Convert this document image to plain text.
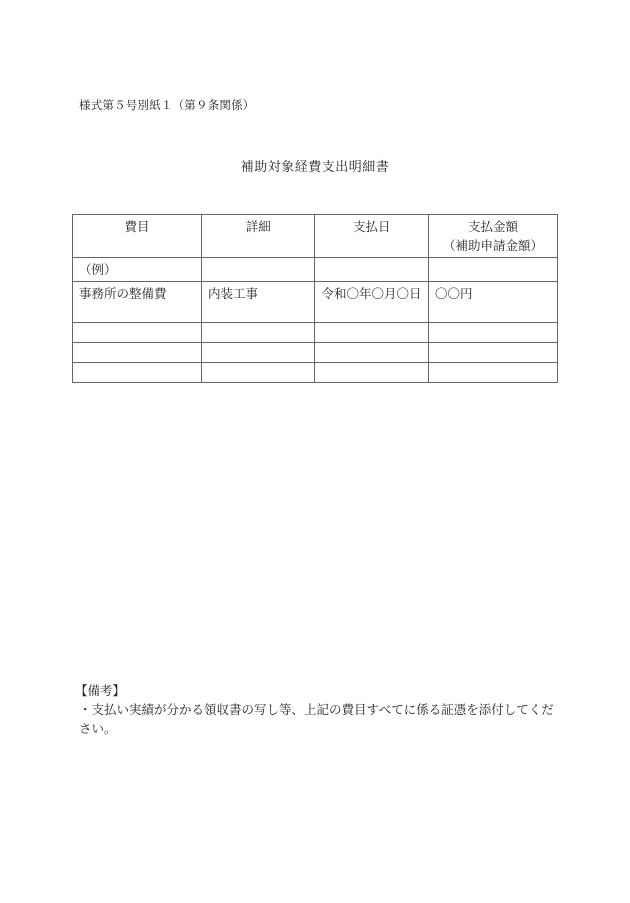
様式第５号別紙１（第９条関係）
補助対象経費支出明細書
費目	詳細	支払日	支払金額
（補助申請金額）

（例）			
事務所の整備費	内装工事	令和〇年〇月〇日	〇〇円

【備考】
・支払い実績が分かる領収書の写し等、上記の費目すべてに係る証憑を添付してください。
